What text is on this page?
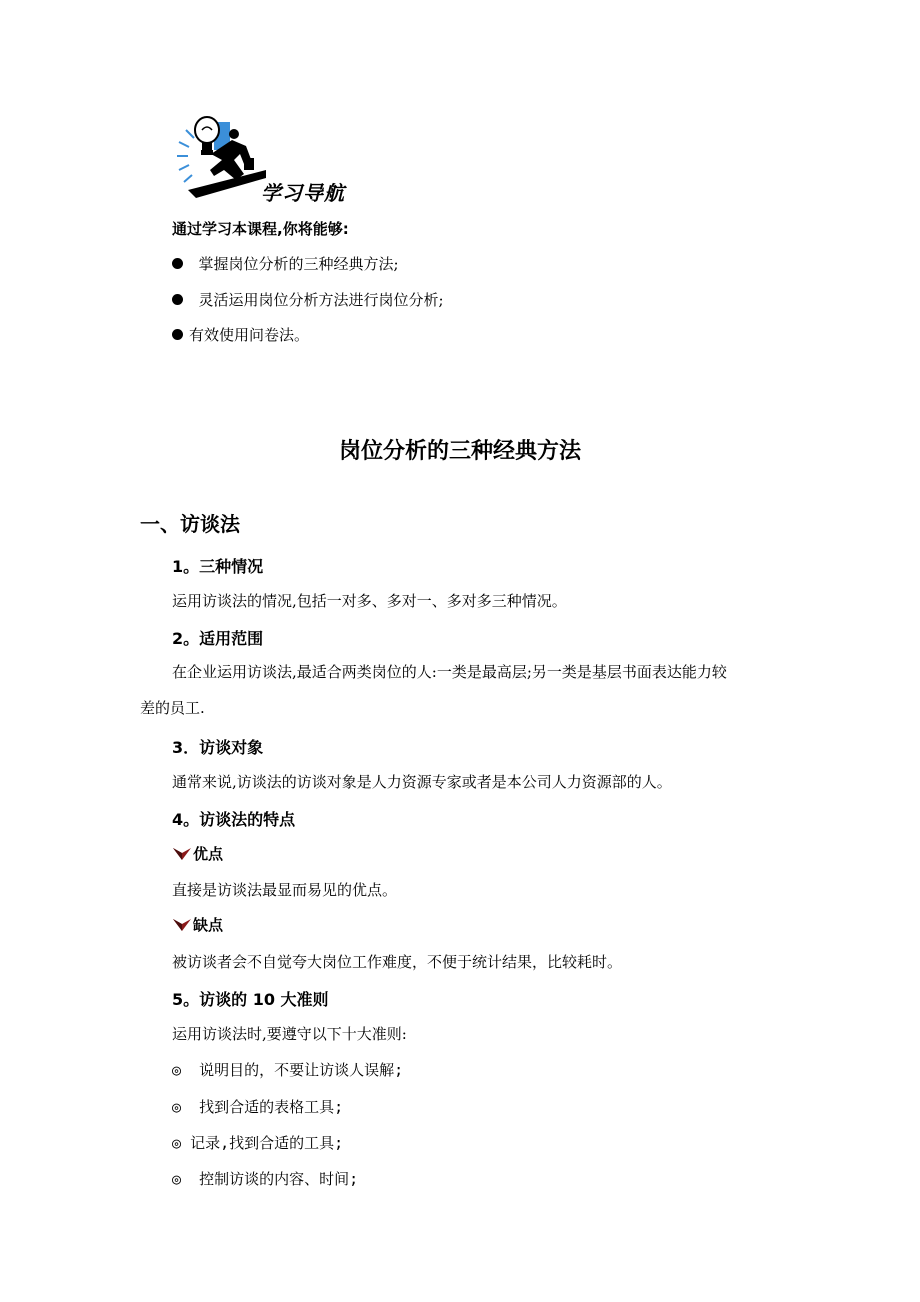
学习导航
通过学习本课程,你将能够:
掌握岗位分析的三种经典方法;
灵活运用岗位分析方法进行岗位分析;
有效使用问卷法。
岗位分析的三种经典方法
一、访谈法
1。三种情况
运用访谈法的情况,包括一对多、多对一、多对多三种情况。
2。适用范围
在企业运用访谈法,最适合两类岗位的人:一类是最高层;另一类是基层书面表达能力较
差的员工.
3．访谈对象
通常来说,访谈法的访谈对象是人力资源专家或者是本公司人力资源部的人。
4。访谈法的特点
优点
直接是访谈法最显而易见的优点。
缺点
被访谈者会不自觉夸大岗位工作难度，不便于统计结果，比较耗时。
5。访谈的 10 大准则
运用访谈法时,要遵守以下十大准则:
◎ 说明目的，不要让访谈人误解;
◎ 找到合适的表格工具;
◎ 记录,找到合适的工具;
◎ 控制访谈的内容、时间;
